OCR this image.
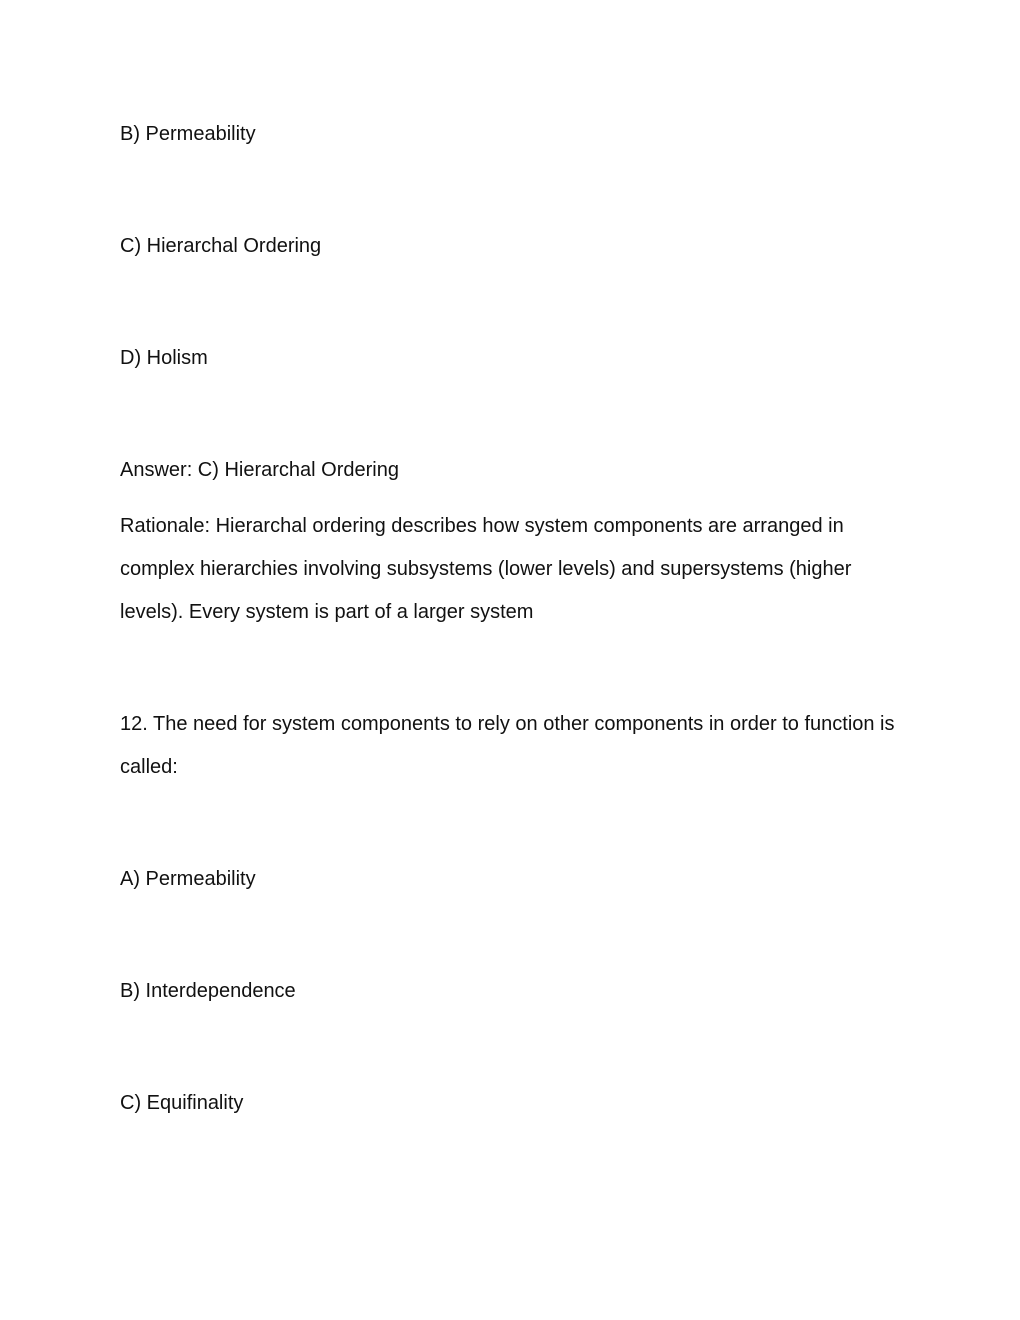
B) Permeability

C) Hierarchal Ordering

D) Holism

Answer: C) Hierarchal Ordering

Rationale: Hierarchal ordering describes how system components are arranged in complex hierarchies involving subsystems (lower levels) and supersystems (higher levels). Every system is part of a larger system

12. The need for system components to rely on other components in order to function is called:

A) Permeability

B) Interdependence

C) Equifinality
